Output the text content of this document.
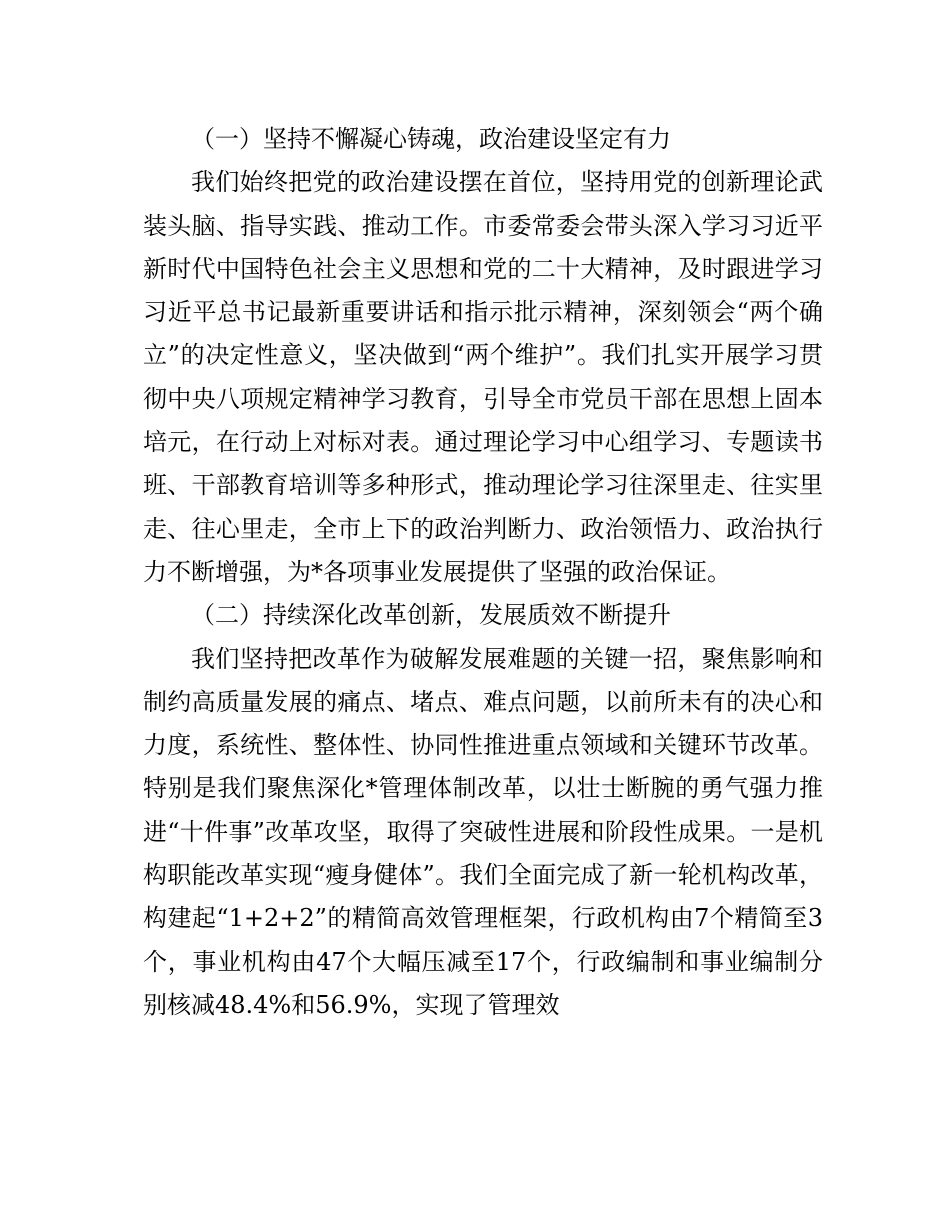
（一）坚持不懈凝心铸魂，政治建设坚定有力

我们始终把党的政治建设摆在首位，坚持用党的创新理论武装头脑、指导实践、推动工作。市委常委会带头深入学习习近平新时代中国特色社会主义思想和党的二十大精神，及时跟进学习习近平总书记最新重要讲话和指示批示精神，深刻领会“两个确立”的决定性意义，坚决做到“两个维护”。我们扎实开展学习贯彻中央八项规定精神学习教育，引导全市党员干部在思想上固本培元，在行动上对标对表。通过理论学习中心组学习、专题读书班、干部教育培训等多种形式，推动理论学习往深里走、往实里走、往心里走，全市上下的政治判断力、政治领悟力、政治执行力不断增强，为*各项事业发展提供了坚强的政治保证。

（二）持续深化改革创新，发展质效不断提升

我们坚持把改革作为破解发展难题的关键一招，聚焦影响和制约高质量发展的痛点、堵点、难点问题，以前所未有的决心和力度，系统性、整体性、协同性推进重点领域和关键环节改革。特别是我们聚焦深化*管理体制改革，以壮士断腕的勇气强力推进“十件事”改革攻坚，取得了突破性进展和阶段性成果。一是机构职能改革实现“瘦身健体”。我们全面完成了新一轮机构改革，构建起“1+2+2”的精简高效管理框架，行政机构由7个精简至3个，事业机构由47个大幅压减至17个，行政编制和事业编制分别核减48.4%和56.9%，实现了管理效
